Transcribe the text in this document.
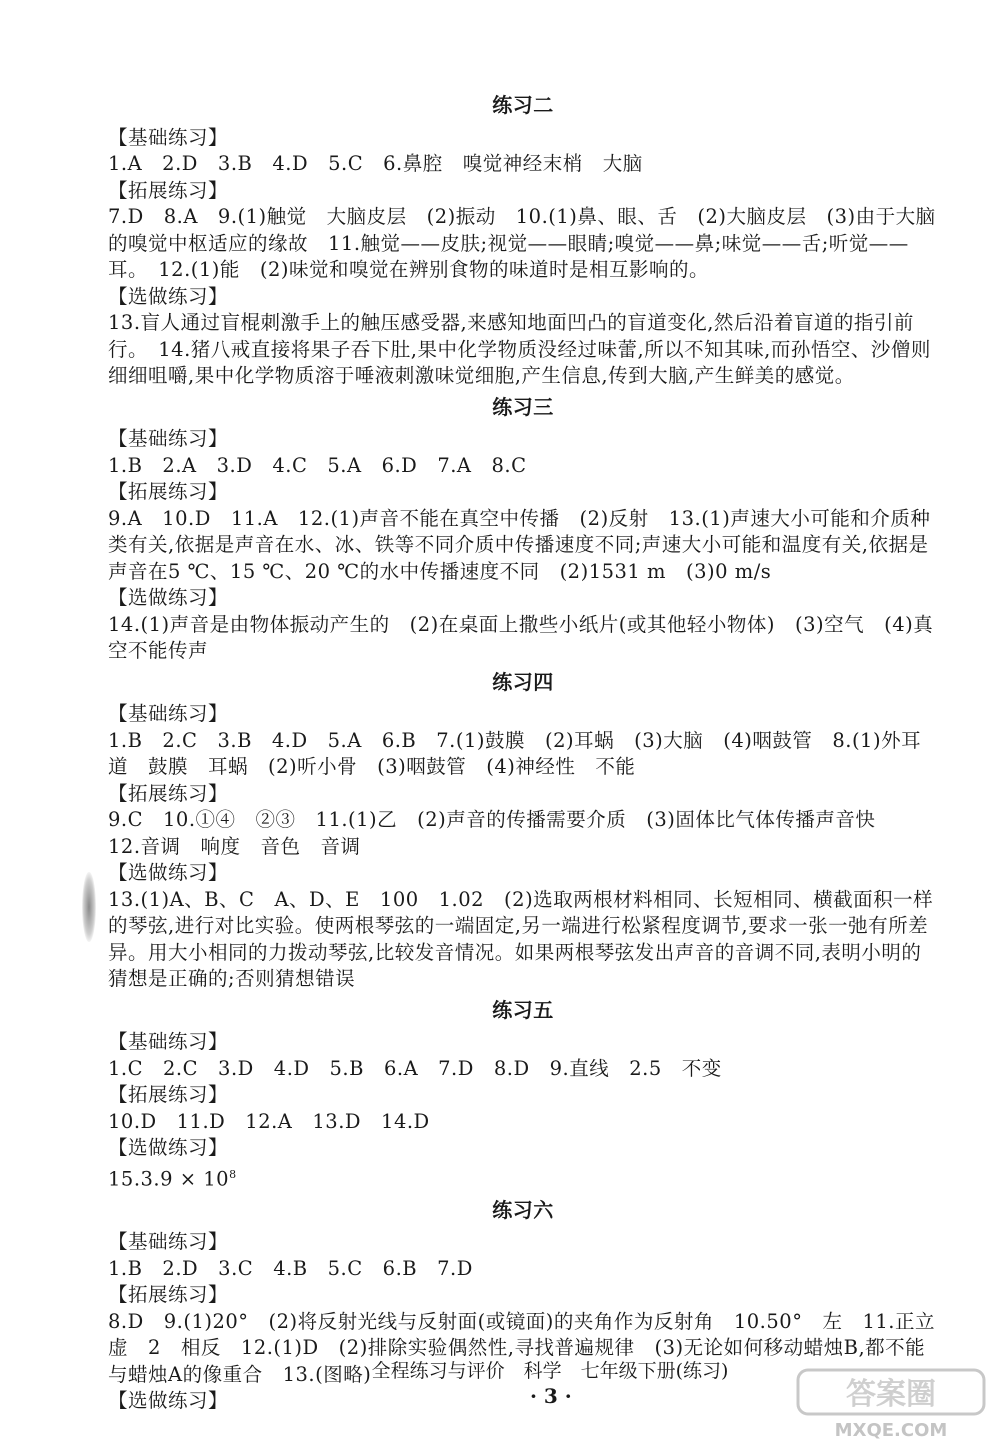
练习二

【基础练习】

1.A　2.D　3.B　4.D　5.C　6.鼻腔　嗅觉神经末梢　大脑

【拓展练习】

7.D　8.A　9.(1)触觉　大脑皮层　(2)振动　10.(1)鼻、眼、舌　(2)大脑皮层　(3)由于大脑的嗅觉中枢适应的缘故　11.触觉——皮肤;视觉——眼睛;嗅觉——鼻;味觉——舌;听觉——耳。　12.(1)能　(2)味觉和嗅觉在辨别食物的味道时是相互影响的。

【选做练习】

13.盲人通过盲棍刺激手上的触压感受器,来感知地面凹凸的盲道变化,然后沿着盲道的指引前行。　14.猪八戒直接将果子吞下肚,果中化学物质没经过味蕾,所以不知其味,而孙悟空、沙僧则细细咀嚼,果中化学物质溶于唾液刺激味觉细胞,产生信息,传到大脑,产生鲜美的感觉。

练习三

【基础练习】

1.B　2.A　3.D　4.C　5.A　6.D　7.A　8.C

【拓展练习】

9.A　10.D　11.A　12.(1)声音不能在真空中传播　(2)反射　13.(1)声速大小可能和介质种类有关,依据是声音在水、冰、铁等不同介质中传播速度不同;声速大小可能和温度有关,依据是声音在5 ℃、15 ℃、20 ℃的水中传播速度不同　(2)1531 m　(3)0 m/s

【选做练习】

14.(1)声音是由物体振动产生的　(2)在桌面上撒些小纸片(或其他轻小物体)　(3)空气　(4)真空不能传声

练习四

【基础练习】

1.B　2.C　3.B　4.D　5.A　6.B　7.(1)鼓膜　(2)耳蜗　(3)大脑　(4)咽鼓管　8.(1)外耳道　鼓膜　耳蜗　(2)听小骨　(3)咽鼓管　(4)神经性　不能

【拓展练习】

9.C　10.①④　②③　11.(1)乙　(2)声音的传播需要介质　(3)固体比气体传播声音快

12.音调　响度　音色　音调

【选做练习】

13.(1)A、B、C　A、D、E　100　1.02　(2)选取两根材料相同、长短相同、横截面积一样的琴弦,进行对比实验。使两根琴弦的一端固定,另一端进行松紧程度调节,要求一张一弛有所差异。用大小相同的力拨动琴弦,比较发音情况。如果两根琴弦发出声音的音调不同,表明小明的猜想是正确的;否则猜想错误

练习五

【基础练习】

1.C　2.C　3.D　4.D　5.B　6.A　7.D　8.D　9.直线　2.5　不变

【拓展练习】

10.D　11.D　12.A　13.D　14.D

【选做练习】

$15.3.9 \times 10^8$

练习六

【基础练习】

1.B　2.D　3.C　4.B　5.C　6.B　7.D

【拓展练习】

8.D　9.(1)20°　(2)将反射光线与反射面(或镜面)的夹角作为反射角　10.50°　左　11.正立　虚　2　相反　12.(1)D　(2)排除实验偶然性,寻找普遍规律　(3)无论如何移动蜡烛B,都不能与蜡烛A的像重合　13.(图略)

【选做练习】

全程练习与评价　科学　七年级下册(练习)
· 3 ·	答案圈
MXQE.COM
